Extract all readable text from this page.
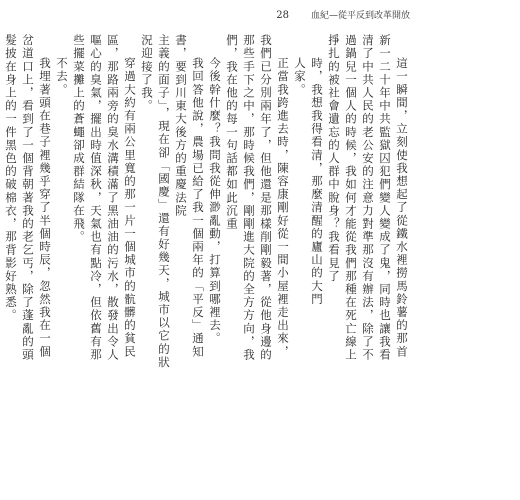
28 血紀—從平反到改革開放

這一瞬間，立刻使我想起了從鐵水裡撈馬鈴薯的那首新一二十年中共監獄囚犯們變人變成了鬼，同時也讓我看清了中共人民的老公安的注意力對準那沒有辦法，除了不過鍋兒一個人的時候，我如何才能從我們那種在死亡線上掙扎的被社會遺忘的人群中脫身？我看見了

時，我想我得看清，那麼清醒的廬山的大門

人家。

正當我跨進去時，陳容康剛好從一間小屋裡走出來，我們已分別兩年了，但他還是那樣削剛毅著，從他身邊的那些手下之中，那時候我們，剛剛進大院的全方方向，我們，我在他的每一句話都如此沉重

今後幹什麼？我問我從伸渺亂動，打算到哪裡去。

我回答他說，農場已給了我一個兩年的「平反」通知書，要到川東大後方的重慶法院

主義的面子」，現在卻「國慶」還有好幾天，城市以它的狀況迎接了我。

穿過大約有兩公里寬的那一片一個城市的骯髒的貧民區，那路兩旁的臭水溝積滿了黑油油的污水，散發出令人嘔心的臭氣，擺出時值深秋，天氣也有點冷，但依舊有那些擺菜攤上的蒼蠅卻成群結隊在飛。

不去。

我埋著頭在巷子裡幾乎穿了半個時辰，忽然我在一個岔道口上，看到了一個背朝著我的老乞丐，除了蓬亂的頭髮披在身上的一件黑色的破棉衣，那背影好熟悉。
